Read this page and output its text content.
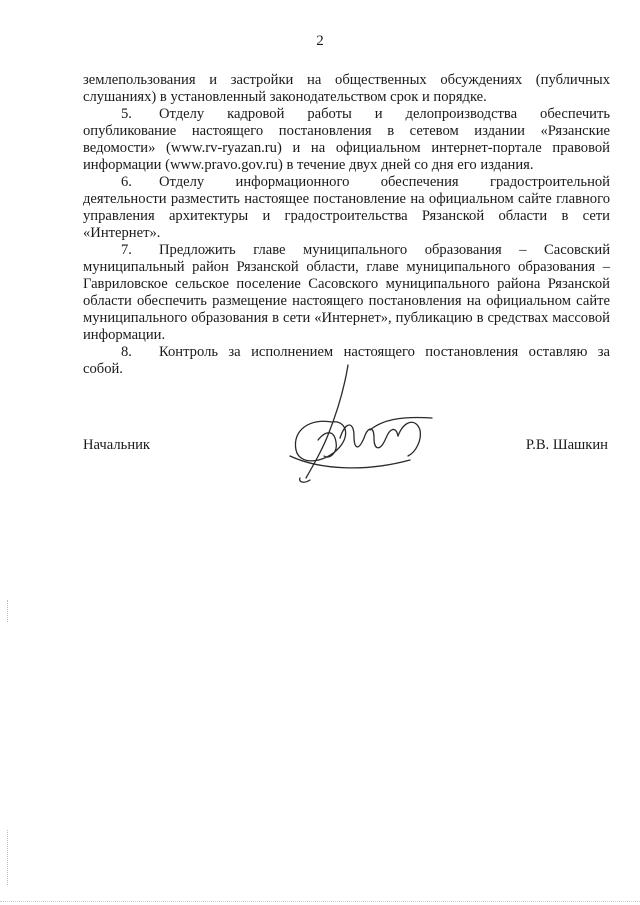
2

землепользования и застройки на общественных обсуждениях (публичных слушаниях) в установленный законодательством срок и порядке.

5. Отделу кадровой работы и делопроизводства обеспечить опубликование настоящего постановления в сетевом издании «Рязанские ведомости» (www.rv-ryazan.ru) и на официальном интернет-портале правовой информации (www.pravo.gov.ru) в течение двух дней со дня его издания.

6. Отделу информационного обеспечения градостроительной деятельности разместить настоящее постановление на официальном сайте главного управления архитектуры и градостроительства Рязанской области в сети «Интернет».

7. Предложить главе муниципального образования – Сасовский муниципальный район Рязанской области, главе муниципального образования – Гавриловское сельское поселение Сасовского муниципального района Рязанской области обеспечить размещение настоящего постановления на официальном сайте муниципального образования в сети «Интернет», публикацию в средствах массовой информации.

8. Контроль за исполнением настоящего постановления оставляю за собой.

Начальник	Р.В. Шашкин
